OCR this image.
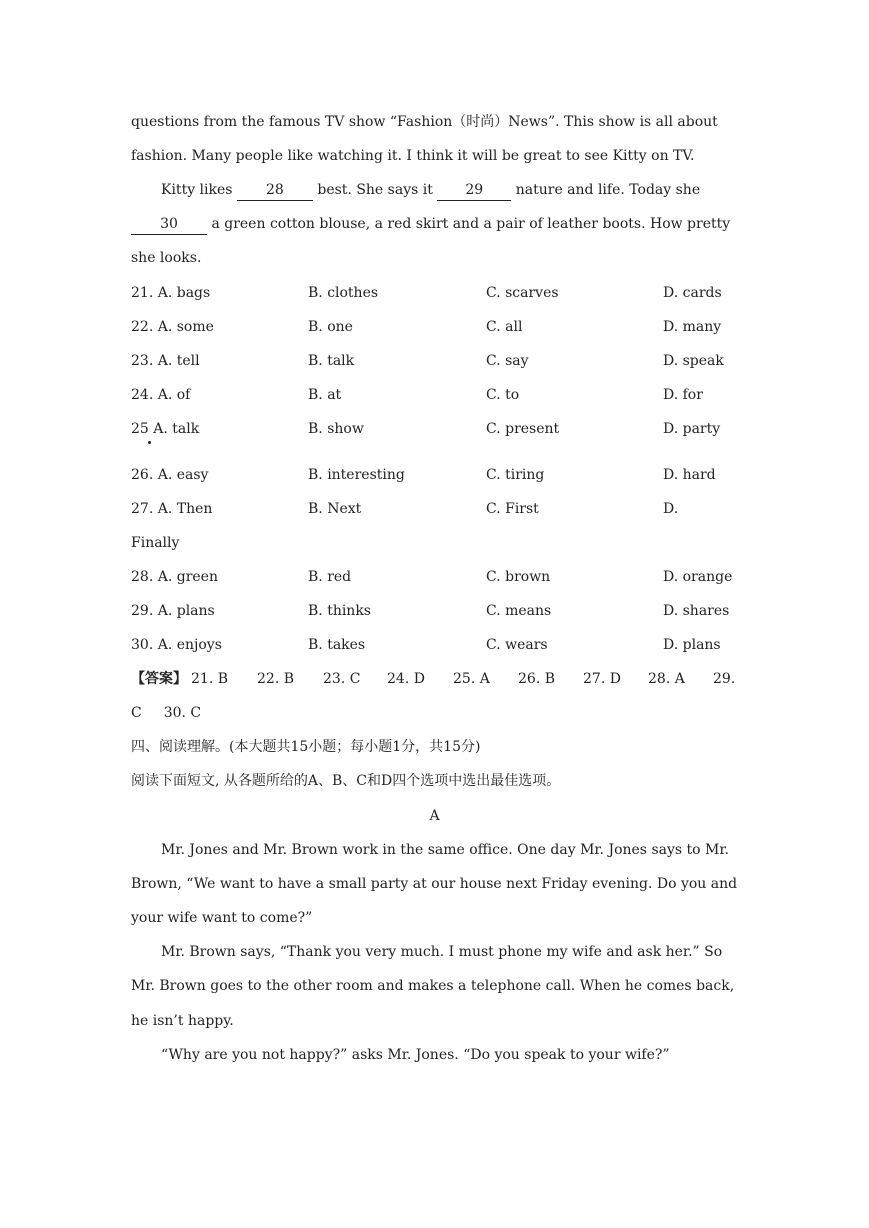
questions from the famous TV show “Fashion（时尚）News”. This show is all about
fashion. Many people like watching it. I think it will be great to see Kitty on TV.
Kitty likes 28 best. She says it 29 nature and life. Today she
30 a green cotton blouse, a red skirt and a pair of leather boots. How pretty
she looks.
21. A. bags	B. clothes	C. scarves	D. cards
22. A. some	B. one	C. all	D. many
23. A. tell	B. talk	C. say	D. speak
24. A. of	B. at	C. to	D. for
25 A. talk	B. show	C. present	D. party
26. A. easy	B. interesting	C. tiring	D. hard
27. A. Then	B. Next	C. First	D.
Finally
28. A. green	B. red	C. brown	D. orange
29. A. plans	B. thinks	C. means	D. shares
30. A. enjoys	B. takes	C. wears	D. plans
【答案】 21. B 22. B 23. C 24. D 25. A 26. B 27. D 28. A 29.
C 30. C
四、阅读理解。(本大题共15小题；每小题1分，共15分)
阅读下面短文, 从各题所给的A、B、C和D四个选项中选出最佳选项。
A
Mr. Jones and Mr. Brown work in the same office. One day Mr. Jones says to Mr.
Brown, “We want to have a small party at our house next Friday evening. Do you and
your wife want to come?”
Mr. Brown says, “Thank you very much. I must phone my wife and ask her.” So
Mr. Brown goes to the other room and makes a telephone call. When he comes back,
he isn’t happy.
“Why are you not happy?” asks Mr. Jones. “Do you speak to your wife?”
